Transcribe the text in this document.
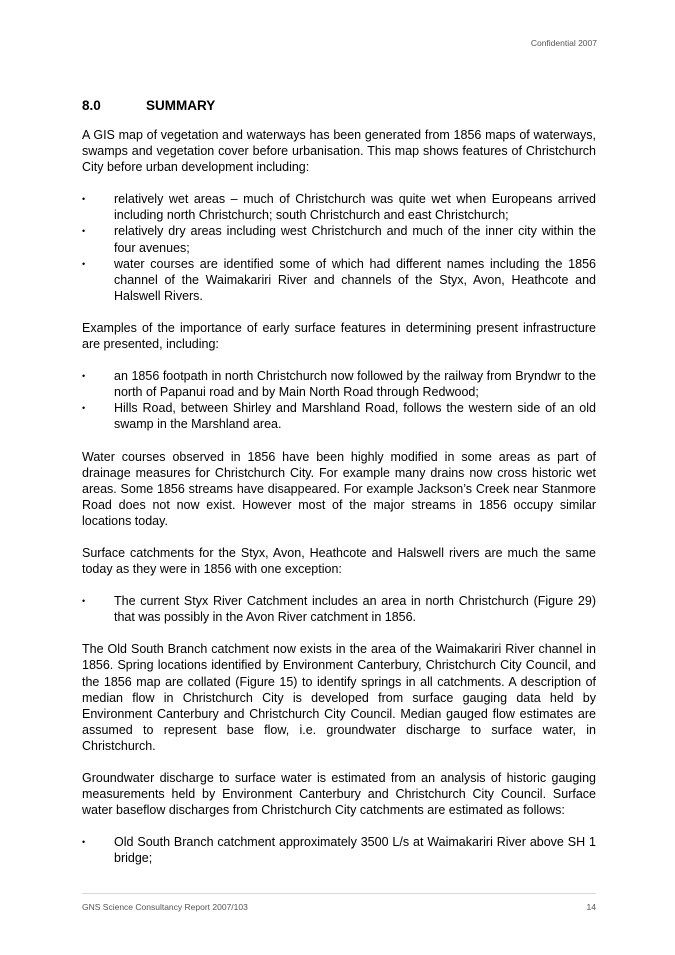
Confidential 2007
8.0	SUMMARY

A GIS map of vegetation and waterways has been generated from 1856 maps of waterways, swamps and vegetation cover before urbanisation. This map shows features of Christchurch City before urban development including:

•	relatively wet areas – much of Christchurch was quite wet when Europeans arrived including north Christchurch; south Christchurch and east Christchurch;
•	relatively dry areas including west Christchurch and much of the inner city within the four avenues;
•	water courses are identified some of which had different names including the 1856 channel of the Waimakariri River and channels of the Styx, Avon, Heathcote and Halswell Rivers.

Examples of the importance of early surface features in determining present infrastructure are presented, including:

•	an 1856 footpath in north Christchurch now followed by the railway from Bryndwr to the north of Papanui road and by Main North Road through Redwood;
•	Hills Road, between Shirley and Marshland Road, follows the western side of an old swamp in the Marshland area.

Water courses observed in 1856 have been highly modified in some areas as part of drainage measures for Christchurch City. For example many drains now cross historic wet areas. Some 1856 streams have disappeared. For example Jackson’s Creek near Stanmore Road does not now exist. However most of the major streams in 1856 occupy similar locations today.

Surface catchments for the Styx, Avon, Heathcote and Halswell rivers are much the same today as they were in 1856 with one exception:

•	The current Styx River Catchment includes an area in north Christchurch (Figure 29) that was possibly in the Avon River catchment in 1856.

The Old South Branch catchment now exists in the area of the Waimakariri River channel in 1856. Spring locations identified by Environment Canterbury, Christchurch City Council, and the 1856 map are collated (Figure 15) to identify springs in all catchments. A description of median flow in Christchurch City is developed from surface gauging data held by Environment Canterbury and Christchurch City Council. Median gauged flow estimates are assumed to represent base flow, i.e. groundwater discharge to surface water, in Christchurch.

Groundwater discharge to surface water is estimated from an analysis of historic gauging measurements held by Environment Canterbury and Christchurch City Council. Surface water baseflow discharges from Christchurch City catchments are estimated as follows:

•	Old South Branch catchment approximately 3500 L/s at Waimakariri River above SH 1 bridge;
GNS Science Consultancy Report 2007/103	14
